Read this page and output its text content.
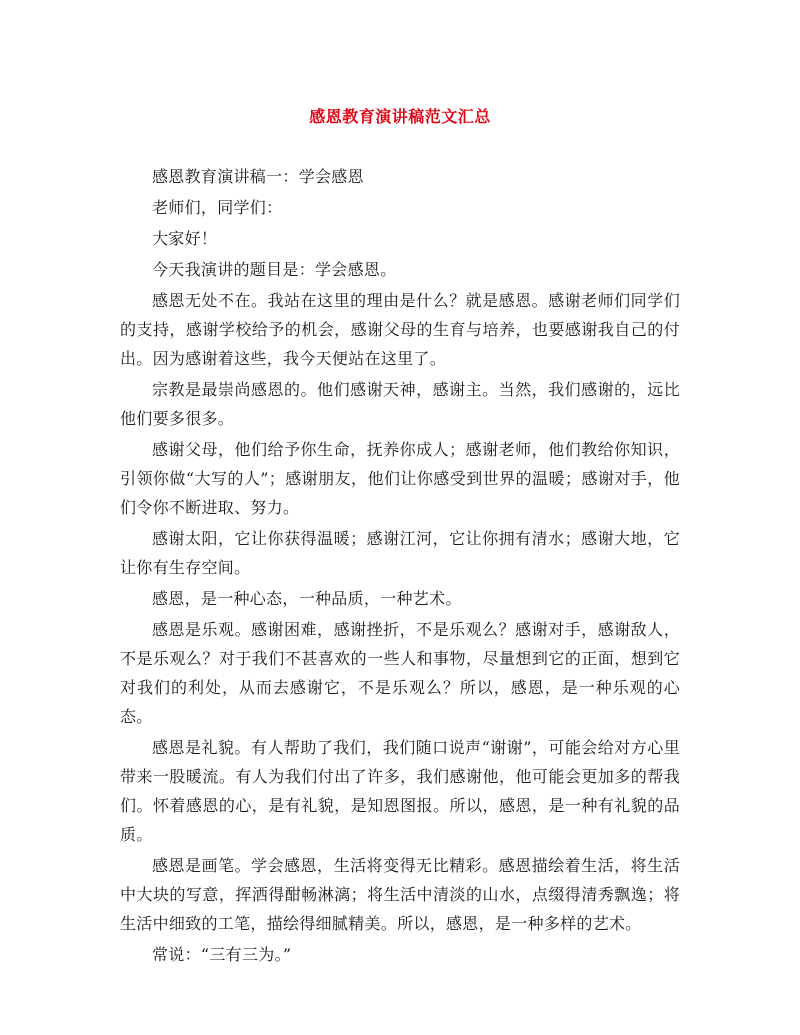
感恩教育演讲稿范文汇总

感恩教育演讲稿一：学会感恩

老师们，同学们：

大家好！

今天我演讲的题目是：学会感恩。

感恩无处不在。我站在这里的理由是什么？就是感恩。感谢老师们同学们的支持，感谢学校给予的机会，感谢父母的生育与培养，也要感谢我自己的付出。因为感谢着这些，我今天便站在这里了。

宗教是最崇尚感恩的。他们感谢天神，感谢主。当然，我们感谢的，远比他们要多很多。

感谢父母，他们给予你生命，抚养你成人；感谢老师，他们教给你知识，引领你做“大写的人”；感谢朋友，他们让你感受到世界的温暖；感谢对手，他们令你不断进取、努力。

感谢太阳，它让你获得温暖；感谢江河，它让你拥有清水；感谢大地，它让你有生存空间。

感恩，是一种心态，一种品质，一种艺术。

感恩是乐观。感谢困难，感谢挫折，不是乐观么？感谢对手，感谢敌人，不是乐观么？对于我们不甚喜欢的一些人和事物，尽量想到它的正面，想到它对我们的利处，从而去感谢它，不是乐观么？所以，感恩，是一种乐观的心态。

感恩是礼貌。有人帮助了我们，我们随口说声“谢谢”，可能会给对方心里带来一股暖流。有人为我们付出了许多，我们感谢他，他可能会更加多的帮我们。怀着感恩的心，是有礼貌，是知恩图报。所以，感恩，是一种有礼貌的品质。

感恩是画笔。学会感恩，生活将变得无比精彩。感恩描绘着生活，将生活中大块的写意，挥洒得酣畅淋漓；将生活中清淡的山水，点缀得清秀飘逸；将生活中细致的工笔，描绘得细腻精美。所以，感恩，是一种多样的艺术。

常说：“三有三为。”
